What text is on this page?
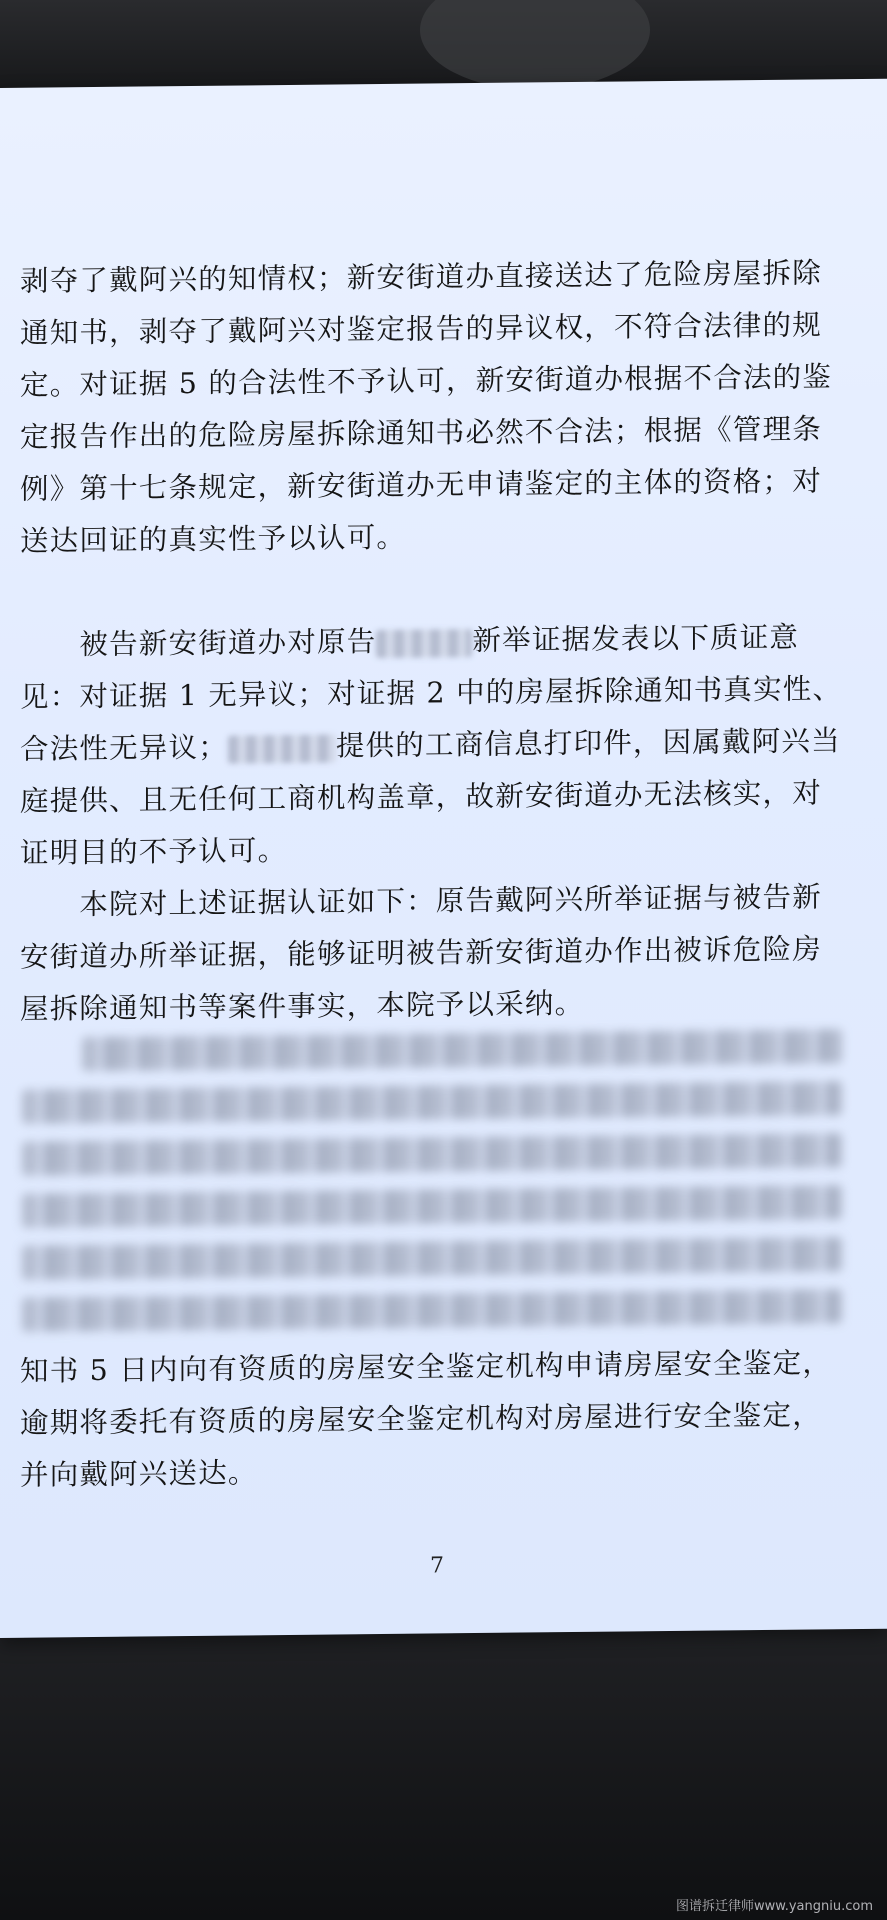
剥夺了戴阿兴的知情权；新安街道办直接送达了危险房屋拆除
通知书，剥夺了戴阿兴对鉴定报告的异议权，不符合法律的规
定。对证据 5 的合法性不予认可，新安街道办根据不合法的鉴
定报告作出的危险房屋拆除通知书必然不合法；根据《管理条
例》第十七条规定，新安街道办无申请鉴定的主体的资格；对
送达回证的真实性予以认可。
　　被告新安街道办对原告	新举证据发表以下质证意
见：对证据 1 无异议；对证据 2 中的房屋拆除通知书真实性、
合法性无异议；	提供的工商信息打印件，因属戴阿兴当
庭提供、且无任何工商机构盖章，故新安街道办无法核实，对
证明目的不予认可。
　　本院对上述证据认证如下：原告戴阿兴所举证据与被告新
安街道办所举证据，能够证明被告新安街道办作出被诉危险房
屋拆除通知书等案件事实，本院予以采纳。
知书 5 日内向有资质的房屋安全鉴定机构申请房屋安全鉴定，
逾期将委托有资质的房屋安全鉴定机构对房屋进行安全鉴定，
并向戴阿兴送达。
7
图谱拆迁律师www.yangniu.com
